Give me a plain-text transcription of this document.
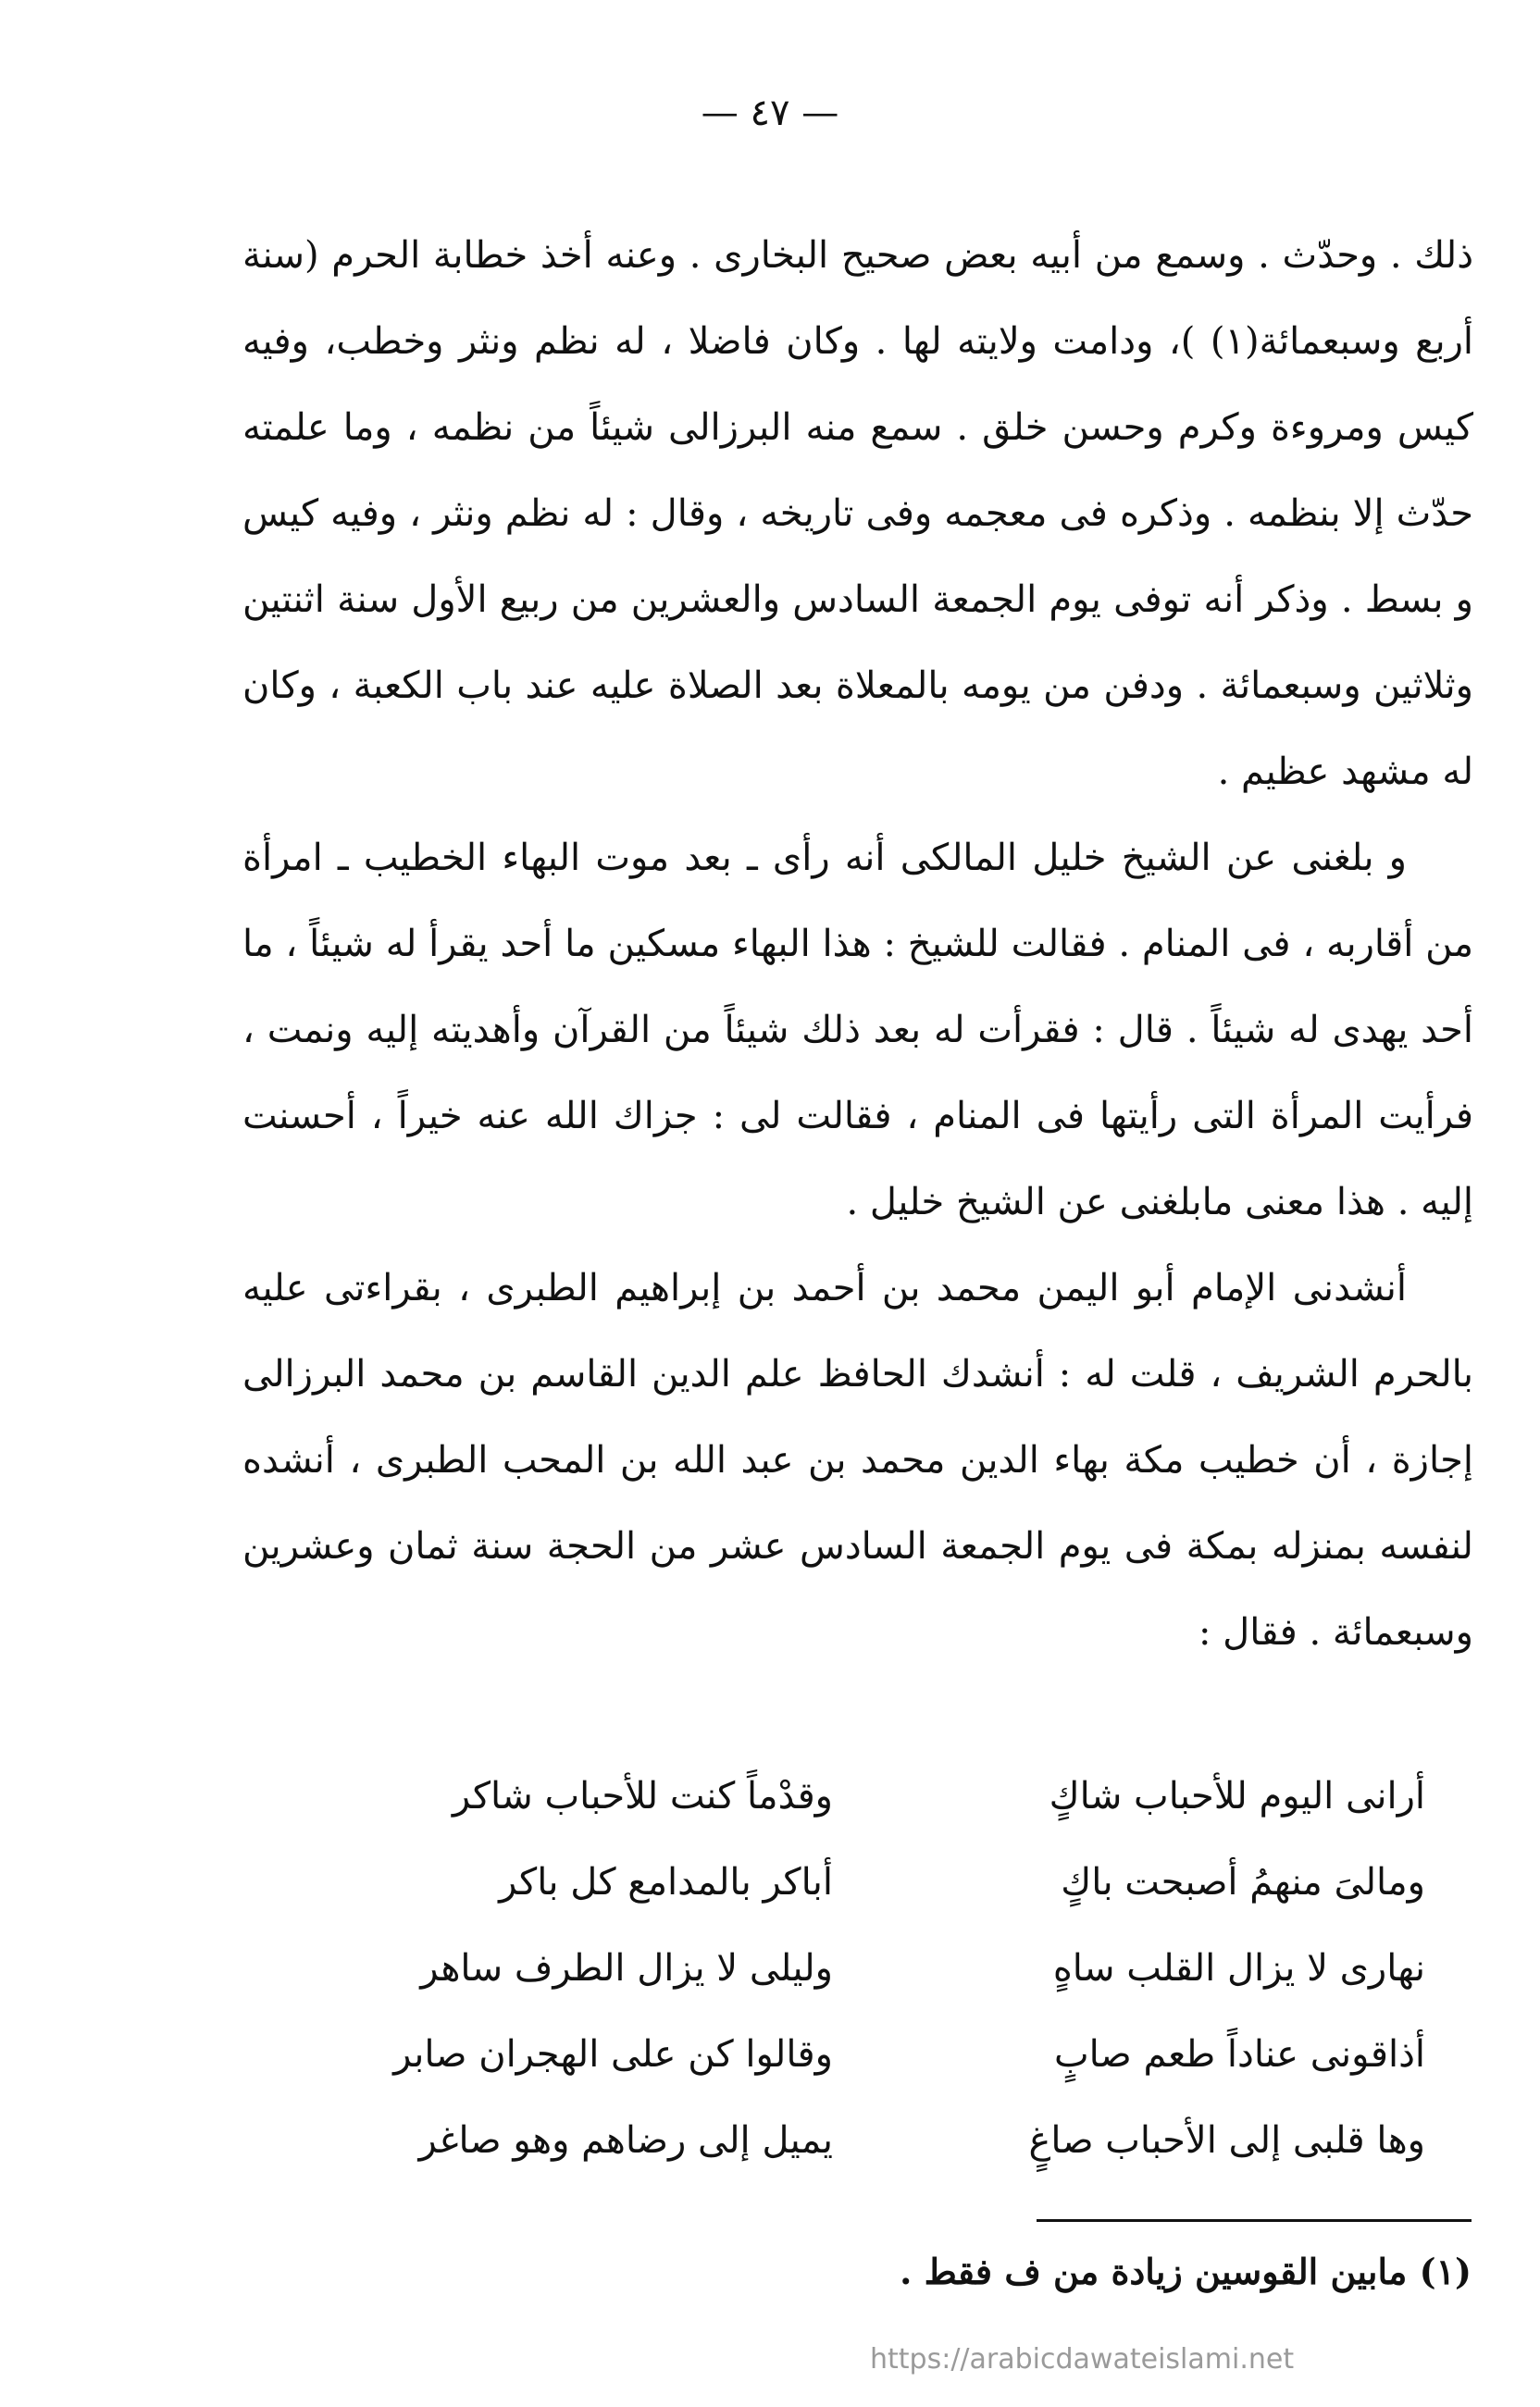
— ٤٧ —

ذلك . وحدّث . وسمع من أبيه بعض صحيح البخارى . وعنه أخذ خطابة الحرم (سنة أربع وسبعمائة(١) )، ودامت ولايته لها . وكان فاضلا ، له نظم ونثر وخطب، وفيه كيس ومروءة وكرم وحسن خلق . سمع منه البرزالى شيئاً من نظمه ، وما علمته حدّث إلا بنظمه . وذكره فى معجمه وفى تاريخه ، وقال : له نظم ونثر ، وفيه كيس و بسط . وذكر أنه توفى يوم الجمعة السادس والعشرين من ربيع الأول سنة اثنتين وثلاثين وسبعمائة . ودفن من يومه بالمعلاة بعد الصلاة عليه عند باب الكعبة ، وكان له مشهد عظيم .

و بلغنى عن الشيخ خليل المالكى أنه رأى ـ بعد موت البهاء الخطيب ـ امرأة من أقاربه ، فى المنام . فقالت للشيخ : هذا البهاء مسكين ما أحد يقرأ له شيئاً ، ما أحد يهدى له شيئاً . قال : فقرأت له بعد ذلك شيئاً من القرآن وأهديته إليه ونمت ، فرأيت المرأة التى رأيتها فى المنام ، فقالت لى : جزاك الله عنه خيراً ، أحسنت إليه . هذا معنى مابلغنى عن الشيخ خليل .

أنشدنى الإمام أبو اليمن محمد بن أحمد بن إبراهيم الطبرى ، بقراءتى عليه بالحرم الشريف ، قلت له : أنشدك الحافظ علم الدين القاسم بن محمد البرزالى إجازة ، أن خطيب مكة بهاء الدين محمد بن عبد الله بن المحب الطبرى ، أنشده لنفسه بمنزله بمكة فى يوم الجمعة السادس عشر من الحجة سنة ثمان وعشرين وسبعمائة . فقال :

أرانى اليوم للأحباب شاكٍ
وقدْماً كنت للأحباب شاكر
ومالىَ منهمُ أصبحت باكٍ
أباكر بالمدامع كل باكر
نهارى لا يزال القلب ساهٍ
وليلى لا يزال الطرف ساهر
أذاقونى عناداً طعم صابٍ
وقالوا كن على الهجران صابر
وها قلبى إلى الأحباب صاغٍ
يميل إلى رضاهم وهو صاغر
(١) مابين القوسين زيادة من ف فقط .
https://arabicdawateislami.net
